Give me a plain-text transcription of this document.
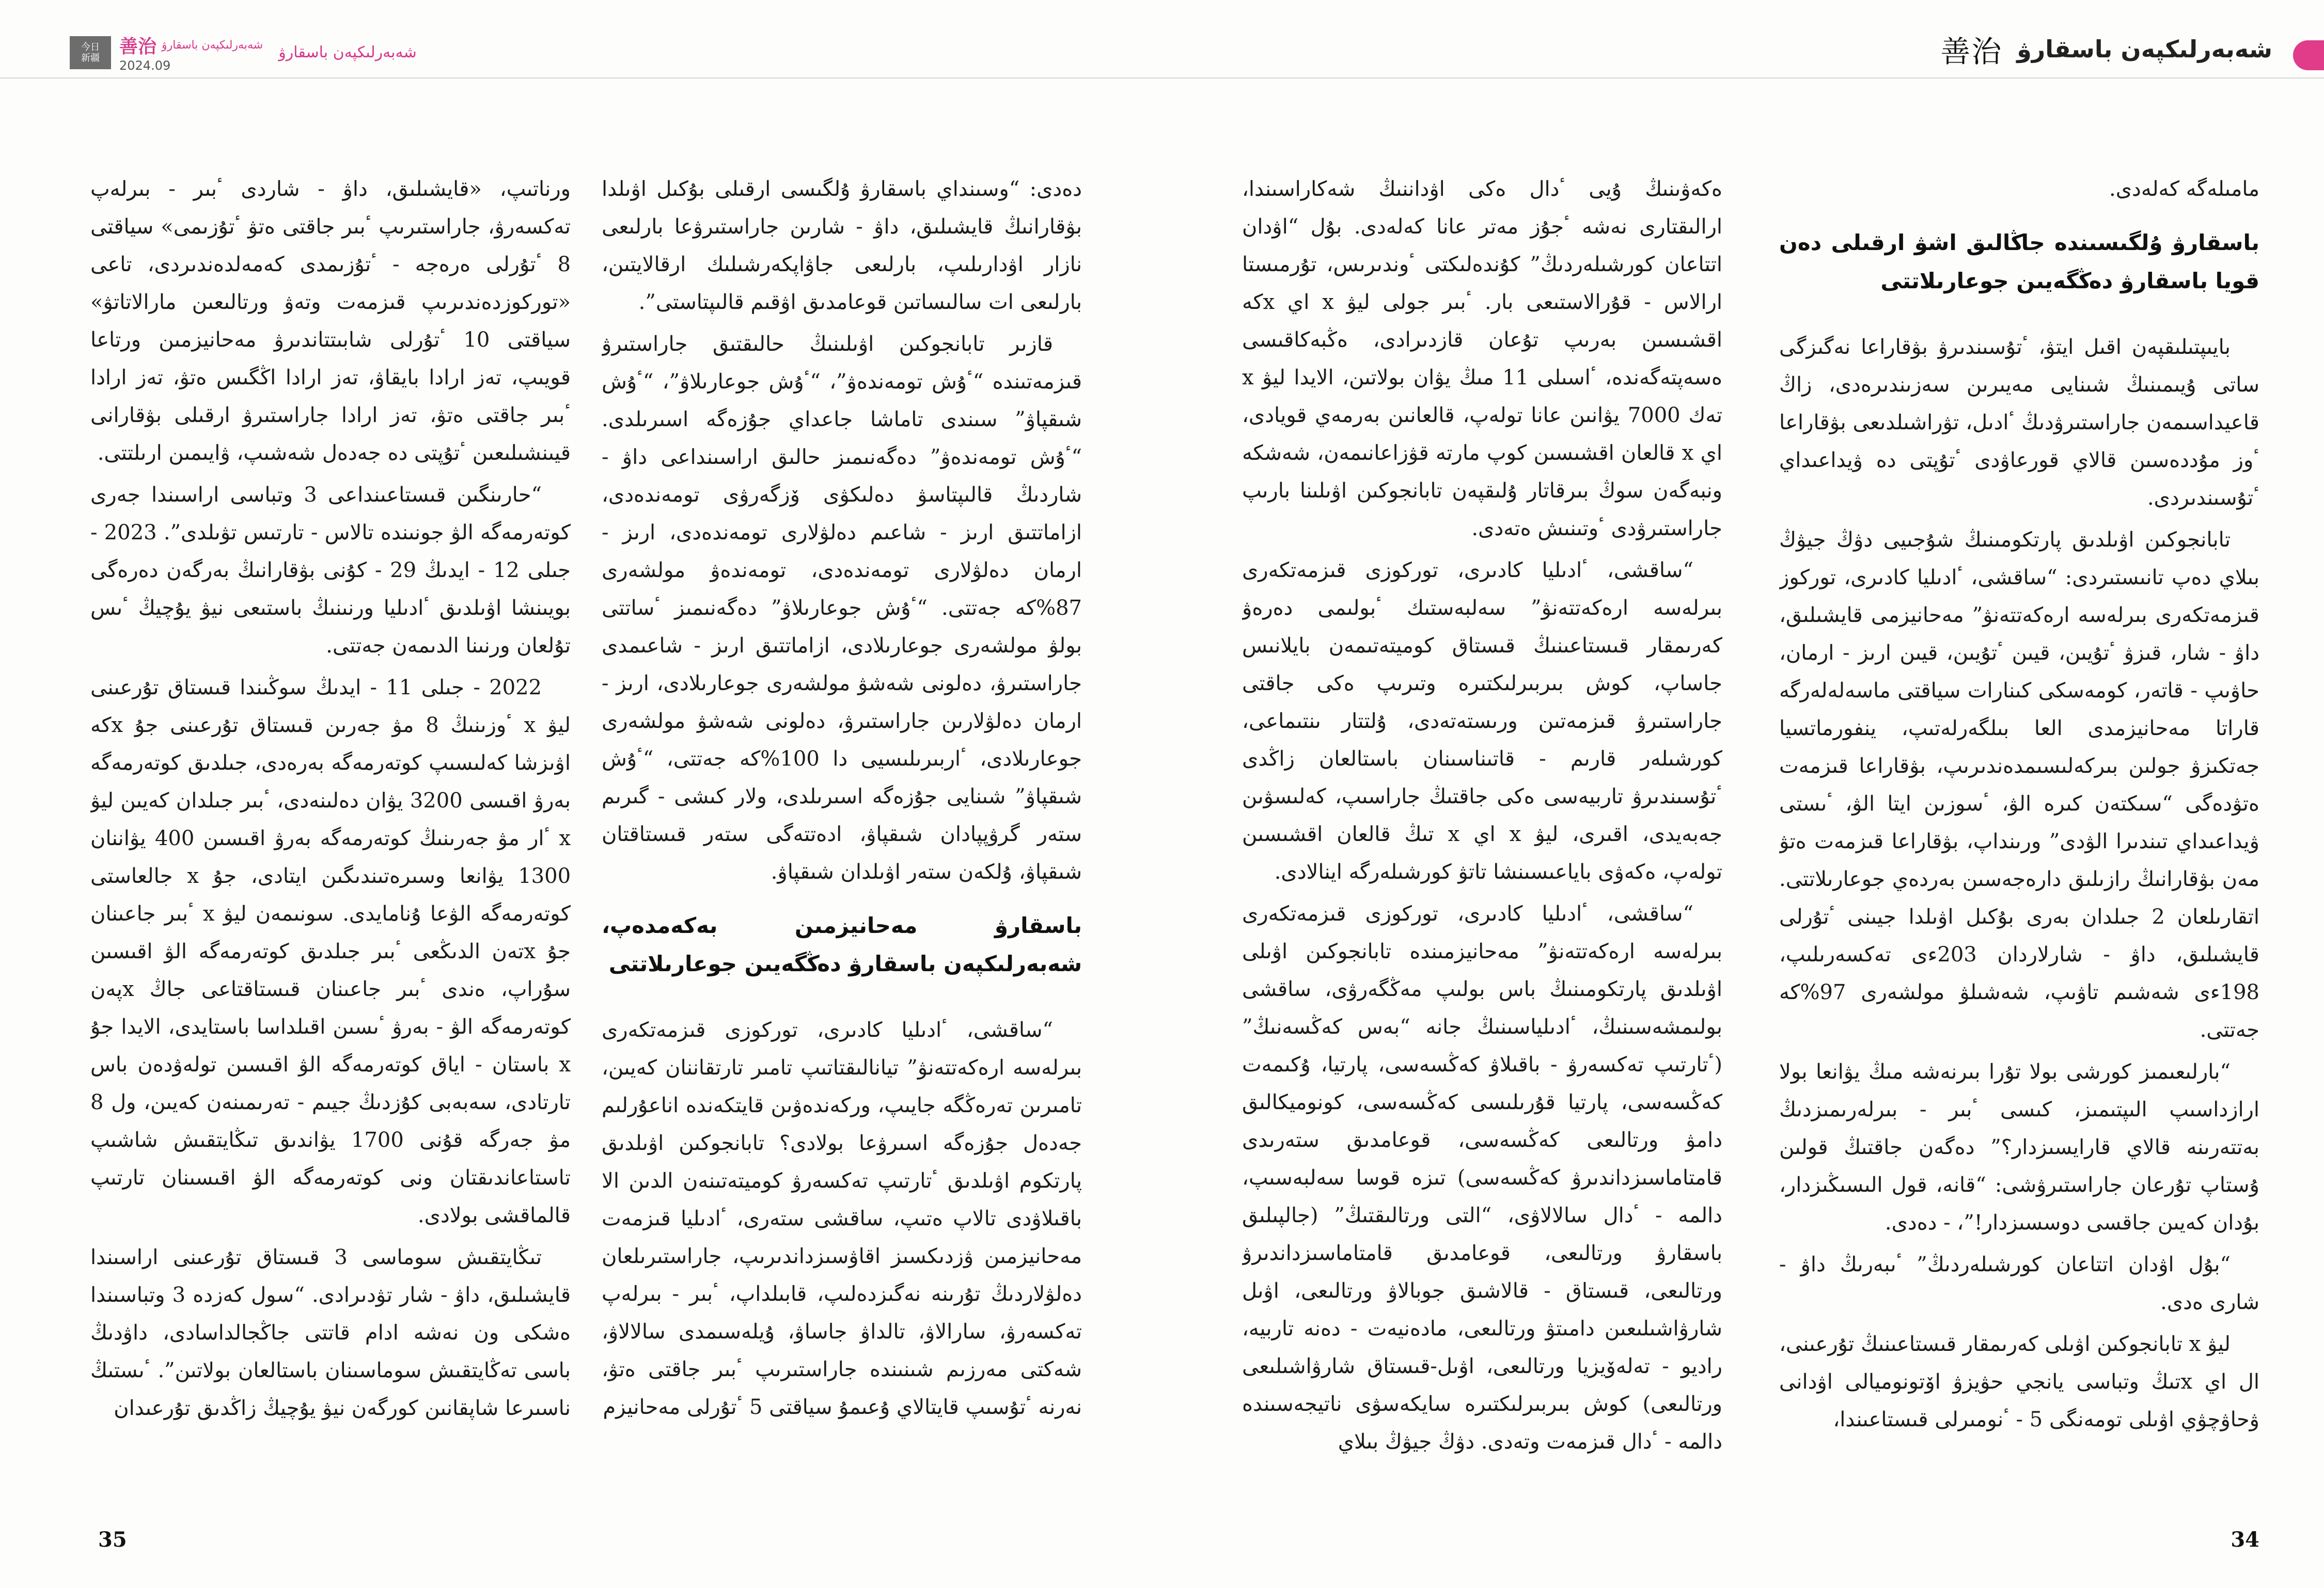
شەبەرلىكپەن باسقارۋ
善治
今日
新疆
善治 شەبەرلىكپەن باسقارۋ
2024.09
شەبەرلىكپەن باسقارۋ

مامىلەگە كەلەدى.

باسقارۋ ۇلگىسىندە جاڭالىق اشۋ ارقىلى دەن قويا باسقارۋ دەڭگەيىن جوعارىلاتتى

بايىپتىلىقپەن اقىل ايتۋ، ٴتۇسىندىرۋ بۋقاراعا نەگىزگى ساتى ۇيىمىنىڭ شىنايى مەيىرىن سەزىندىرەدى، زاڭ قاعيداسىمەن جاراستىرۋدىڭ ٴادىل، تۋراشىلدىعى بۋقاراعا ٴوز مۇددەسىن قالاي قورعاۋدى ٴتۇپتى دە ۋيداعىداي ٴتۇسىندىردى.

تابانجوكىن اۋىلدىق پارتكومىنىڭ شۇجىيى دۋڭ جيۋڭ بىلاي دەپ تانىستىردى: “ساقشى، ٴادىليا كادىرى، توركوز قىزمەتكەرى بىرلەسە ارەكەتتەنۋ” مەحانيزمى قايشىلىق، داۋ - شار، قىزۋ ٴتۇيىن، قيىن ٴتۇيىن، قيىن ارىز - ارمان، حاۋىپ - قاتەر، كومەسكى كىنارات سياقتى ماسەلەلەرگە قاراتا مەحانيزمدى العا بىلگەرلەتىپ، ينفورماتسيا جەتكىزۋ جولىن بىركەلىسىمدەندىرىپ، بۋقاراعا قىزمەت ەتۋدەگى “سىكتەن كىرە الۋ، ٴسوزىن ايتا الۋ، ٴىستى ۋيداعىداي تىندىرا الۋدى” ورىنداپ، بۋقاراعا قىزمەت ەتۋ مەن بۋقارانىڭ رازىلىق دارەجەسىن بەردەي جوعارىلاتتى. اتقارىلعان 2 جىلدان بەرى بۇكىل اۋىلدا جيىنى ٴتۇرلى قايشىلىق، داۋ - شارلاردان 203ءى تەكسەرىلىپ، 198ءى شەشىم تاۋىپ، شەشىلۋ مولشەرى 97%كە جەتتى.

“بارلىعىمىز كورشى بولا تۇرا بىرنەشە مىڭ يۋانعا بولا ارازداسىپ الىپتىمىز، كىسى ٴبىر - بىرلەرىمىزدىڭ بەتتەرىنە قالاي قارايسىزدار؟” دەگەن جاقتىڭ قولىن ۇستاپ تۇرعان جاراستىرۋشى: “قانە، قول الىسىڭىزدار، بۇدان كەيىن جاقسى دوسسىزدار!”، - دەدى.

“بۇل اۋدان اتتاعان كورشىلەردىڭ” ٴىبەرىڭ داۋ - شارى ەدى.

ليۋ x تابانجوكىن اۋىلى كەرىمقار قىستاعىنىڭ تۇرعىنى، ال اي xتىڭ وتباسى يانجي حۋيزۋ اۆتونوميالى اۋدانى ۋحاۋچۋي اۋىلى تومەنگى 5 - ٴنومىرلى قىستاعىندا،

ەكەۋىنىڭ ۇيى ٴدال ەكى اۋداننىڭ شەكاراسىندا، ارالىقتارى نەشە ٴجۇز مەتر عانا كەلەدى. بۇل “اۋدان اتتاعان كورشىلەردىڭ” كۇندەلىكتى ٴوندىرىس، تۇرمىستا ارالاس - قۇرالاستىعى بار. ٴبىر جولى ليۋ x اي xكە اقشىسىن بەرىپ تۇعان قازدىرادى، ەڭبەكاقىسى ەسەپتەگەندە، ٴاسىلى 11 مىڭ يۋان بولاتىن، الايدا ليۋ x تەك 7000 يۋانىن عانا تولەپ، قالعانىن بەرمەي قويادى، اي x قالعان اقشىسىن كوپ مارتە قۋزاعانىمەن، شەشكە ونبەگەن سوڭ بىرقاتار ۇلىقپەن تابانجوكىن اۋىلىنا بارىپ جاراستىرۋدى ٴوتىنىش ەتەدى.

“ساقشى، ٴادىليا كادىرى، توركوزى قىزمەتكەرى بىرلەسە ارەكەتتەنۋ” سەلبەستىك ٴبولىمى دەرەۋ كەرىمقار قىستاعىنىڭ قىستاق كوميتەتىمەن بايلانىس جاساپ، كوش بىربىرلىكتىرە وتىرىپ ەكى جاقتى جاراستىرۋ قىزمەتىن ورىستەتەدى، ۇلتتار ىنتىماعى، كورشىلەر قارىم - قاتىناسىنان باستالعان زاڭدى ٴتۇسىندىرۋ تاربيەسى ەكى جاقتىڭ جاراسىپ، كەلىسۋىن جەبەيدى، اقىرى، ليۋ x اي x تىڭ قالعان اقشىسىن تولەپ، ەكەۋى باياعىسىنشا تاتۋ كورشىلەرگە اينالادى.

“ساقشى، ٴادىليا كادىرى، توركوزى قىزمەتكەرى بىرلەسە ارەكەتتەنۋ” مەحانيزمىندە تابانجوكىن اۋىلى اۋىلدىق پارتكومىنىڭ باس بولىپ مەڭگەرۋى، ساقشى بولىمشەسىنىڭ، ٴادىلياسىنىڭ جانە “بەس كەڭسەنىڭ” (ٴتارتىپ تەكسەرۋ - باقىلاۋ كەڭسەسى، پارتيا، ۇكىمەت كەڭسەسى، پارتيا قۇرىلىسى كەڭسەسى، كونوميكالىق دامۋ ورتالىعى كەڭسەسى، قوعامدىق ستەرىدى قامتاماسىزداندىرۋ كەڭسەسى) تىزە قوسا سەلبەسىپ، دالمە - ٴدال سالالاۋى، “التى ورتالىقتىڭ” (جالپىلىق باسقارۋ ورتالىعى، قوعامدىق قامتاماسىزداندىرۋ ورتالىعى، قىستاق - قالاشىق جوبالاۋ ورتالىعى، اۋىل شارۋاشىلىعىن دامىتۋ ورتالىعى، مادەنيەت - دەنە تاربيە، راديو - تەلەۆيزيا ورتالىعى، اۋىل-قىستاق شارۋاشىلىعى ورتالىعى) كوش بىربىرلىكتىرە سايكەسۋى ناتيجەسىندە دالمە - ٴدال قىزمەت وتەدى. دۋڭ جيۋڭ بىلاي

دەدى: “وسىنداي باسقارۋ ۇلگىسى ارقىلى بۇكىل اۋىلدا بۋقارانىڭ قايشىلىق، داۋ - شارىن جاراستىرۋعا بارلىعى نازار اۋدارىلىپ، بارلىعى جاۋاپكەرشىلىك ارقالايتىن، بارلىعى ات سالىساتىن قوعامدىق اۋقىم قالىپتاستى”.

قازىر تابانجوكىن اۋىلىنىڭ حالىقتىق جاراستىرۋ قىزمەتىندە “ٴۇش تومەندەۋ”، “ٴۇش جوعارىلاۋ”، “ٴۇش شىقپاۋ” سىندى تاماشا جاعداي جۇزەگە اسىرىلدى. “ٴۇش تومەندەۋ” دەگەنىمىز حالىق اراسىنداعى داۋ - شاردىڭ قالىپتاسۋ دەلىكۋى ۆزگەرۋى تومەندەدى، ازاماتتىق ارىز - شاعىم دەلۋلارى تومەندەدى، ارىز - ارمان دەلۋلارى تومەندەدى، تومەندەۋ مولشەرى 87%كە جەتتى. “ٴۇش جوعارىلاۋ” دەگەنىمىز ٴساتتى بولۋ مولشەرى جوعارىلادى، ازاماتتىق ارىز - شاعىمدى جاراستىرۋ، دەلونى شەشۋ مولشەرى جوعارىلادى، ارىز - ارمان دەلۋلارىن جاراستىرۋ، دەلونى شەشۋ مولشەرى جوعارىلادى، ٴاربىرىلىسيى دا 100%كە جەتتى، “ٴۇش شىقپاۋ” شىنايى جۇزەگە اسىرىلدى، ولار كىشى - گىرىم ستەر گرۋپپادان شىقپاۋ، ادەتتەگى ستەر قىستاقتان شىقپاۋ، ۇلكەن ستەر اۋىلدان شىقپاۋ.

باسقارۋ مەحانيزمىن بەكەمدەپ، شەبەرلىكپەن باسقارۋ دەڭگەيىن جوعارىلاتتى

“ساقشى، ٴادىليا كادىرى، توركوزى قىزمەتكەرى بىرلەسە ارەكەتتەنۋ” تيانالىقتاتىپ تامىر تارتقاننان كەيىن، تامىرىن تەرەڭگە جايىپ، وركەندەۋىن قايتكەندە اناعۇرلىم جەدەل جۇزەگە اسىرۋعا بولادى؟ تابانجوكىن اۋىلدىق پارتكوم اۋىلدىق ٴتارتىپ تەكسەرۋ كوميتەتىنەن الدىن الا باقىلاۋدى تالاپ ەتىپ، ساقشى ستەرى، ٴادىليا قىزمەت مەحانيزمىن ۋزدىكسىز اقاۋسىزداندىرىپ، جاراستىرىلعان دەلۋلاردىڭ تۇرىنە نەگىزدەلىپ، قابىلداپ، ٴبىر - بىرلەپ تەكسەرۋ، سارالاۋ، تالداۋ جاساۋ، ۇيلەسىمدى سالالاۋ، شەكتى مەرزىم شىنىندە جاراستىرىپ ٴبىر جاقتى ەتۋ، نەرنە ٴتۇسىپ قايتالاي ۇعىمۇ سياقتى 5 ٴتۇرلى مەحانيزم

ورناتىپ، «قايشىلىق، داۋ - شاردى ٴبىر - بىرلەپ تەكسەرۋ، جاراستىرىپ ٴبىر جاقتى ەتۋ ٴتۇزىمى» سياقتى 8 ٴتۇرلى ەرەجە - ٴتۇزىمدى كەمەلدەندىردى، تاعى «توركوزدەندىرىپ قىزمەت وتەۋ ورتالىعىن مارالاتاتۋ» سياقتى 10 ٴتۇرلى شابىتتاندىرۋ مەحانيزمىن ورتاعا قويىپ، تەز ارادا بايقاۋ، تەز ارادا اڭگىس ەتۋ، تەز ارادا ٴبىر جاقتى ەتۋ، تەز ارادا جاراستىرۋ ارقىلى بۋقارانى قيىنشىلىعىن ٴتۇپتى دە جەدەل شەشىپ، ۋايىمىن ارىلتتى.

“حارىنگىن قىستاعىنداعى 3 وتباسى اراسىندا جەرى كوتەرمەگە الۋ جونىندە تالاس - تارتىس تۋىلدى”. 2023 - جىلى 12 - ايدىڭ 29 - كۇنى بۋقارانىڭ بەرگەن دەرەگى بويىنشا اۋىلدىق ٴادىليا ورنىنىڭ باستىعى نيۋ يۇچيڭ ٴىس تۇلعان ورنىنا الدىمەن جەتتى.

2022 - جىلى 11 - ايدىڭ سوڭىندا قىستاق تۇرعىنى ليۋ x ٴوزىنىڭ 8 مۋ جەرىن قىستاق تۇرعىنى جۇ xكە اۋىزشا كەلىسىپ كوتەرمەگە بەرەدى، جىلدىق كوتەرمەگە بەرۋ اقىسى 3200 يۋان دەلىنەدى، ٴبىر جىلدان كەيىن ليۋ x ٴار مۋ جەرىنىڭ كوتەرمەگە بەرۋ اقىسىن 400 يۋاننان 1300 يۋانعا وسىرەتىندىگىن ايتادى، جۇ x جالعاستى كوتەرمەگە الۋعا ۇنامايدى. سونىمەن ليۋ x ٴبىر جاعىنان جۇ xتەن الدىڭعى ٴبىر جىلدىق كوتەرمەگە الۋ اقىسىن سۇراپ، ەندى ٴبىر جاعىنان قىستاقتاعى جاڭ xپەن كوتەرمەگە الۋ - بەرۋ ٴىسىن اقىلداسا باستايدى، الايدا جۇ x باستان - اياق كوتەرمەگە الۋ اقىسىن تولەۋدەن باس تارتادى، سەبەبى كۇزدىڭ جيىم - تەرىمىنەن كەيىن، ول 8 مۋ جەرگە قۇنى 1700 يۋاندىق تىڭايتقىش شاشىپ تاستاعاندىقتان ونى كوتەرمەگە الۋ اقىسىنان تارتىپ قالماقشى بولادى.

تىڭايتقىش سوماسى 3 قىستاق تۇرعىنى اراسىندا قايشىلىق، داۋ - شار تۋدىرادى. “سول كەزدە 3 وتباسىندا ەشكى ون نەشە ادام قاتتى جاڭجالداسادى، داۋدىڭ باسى تەڭايتقىش سوماسىنان باستالعان بولاتىن”. ٴىستىڭ ناسىرعا شاپقانىن كورگەن نيۋ يۇچيڭ زاڭدىق تۇرعىدان

34
35
